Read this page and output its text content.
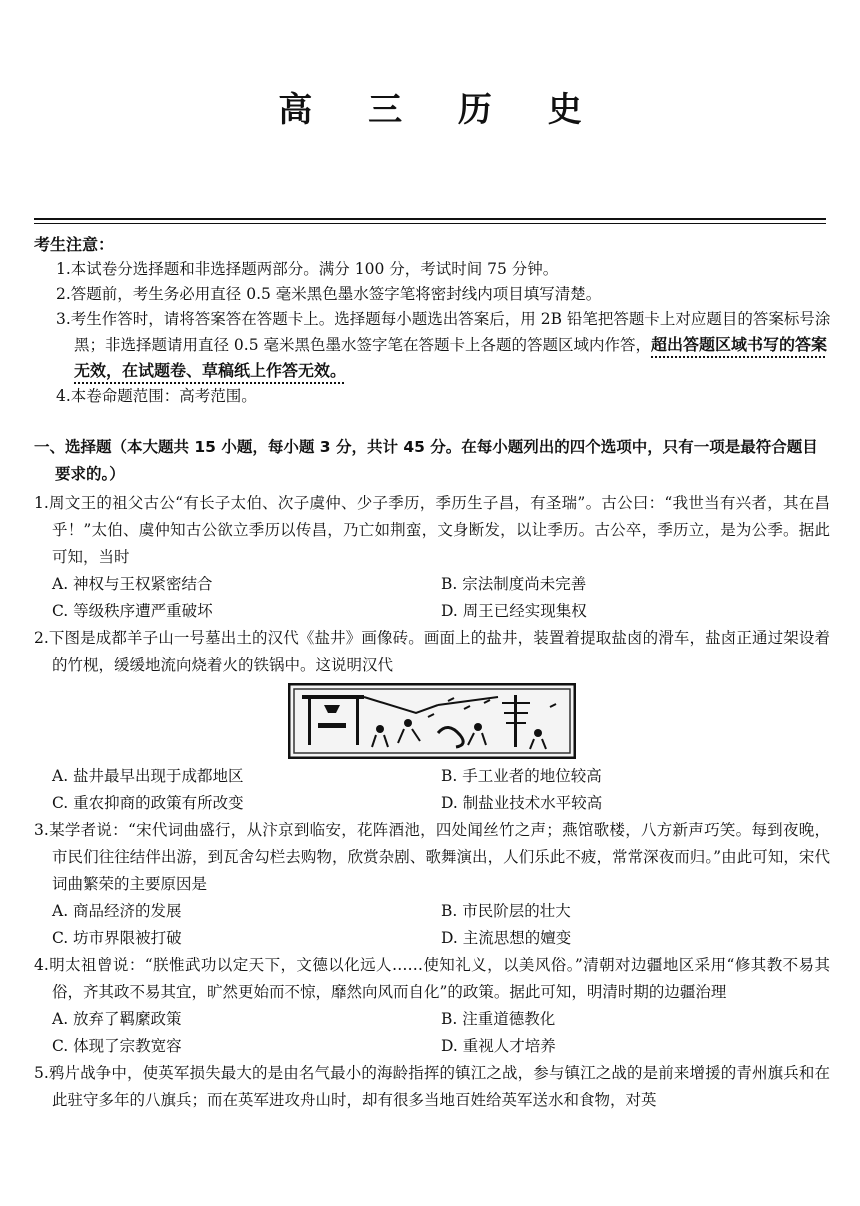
高 三 历 史
考生注意：
1.本试卷分选择题和非选择题两部分。满分 100 分，考试时间 75 分钟。
2.答题前，考生务必用直径 0.5 毫米黑色墨水签字笔将密封线内项目填写清楚。
3.考生作答时，请将答案答在答题卡上。选择题每小题选出答案后，用 2B 铅笔把答题卡上对应题目的答案标号涂黑；非选择题请用直径 0.5 毫米黑色墨水签字笔在答题卡上各题的答题区域内作答，超出答题区域书写的答案无效，在试题卷、草稿纸上作答无效。
4.本卷命题范围：高考范围。
一、选择题（本大题共 15 小题，每小题 3 分，共计 45 分。在每小题列出的四个选项中，只有一项是最符合题目要求的。）
1.周文王的祖父古公“有长子太伯、次子虞仲、少子季历，季历生子昌，有圣瑞”。古公曰：“我世当有兴者，其在昌乎！”太伯、虞仲知古公欲立季历以传昌，乃亡如荆蛮，文身断发，以让季历。古公卒，季历立，是为公季。据此可知，当时
A. 神权与王权紧密结合	B. 宗法制度尚未完善
C. 等级秩序遭严重破坏	D. 周王已经实现集权
2.下图是成都羊子山一号墓出土的汉代《盐井》画像砖。画面上的盐井，装置着提取盐卤的滑车，盐卤正通过架设着的竹枧，缓缓地流向烧着火的铁锅中。这说明汉代
A. 盐井最早出现于成都地区	B. 手工业者的地位较高
C. 重农抑商的政策有所改变	D. 制盐业技术水平较高
3.某学者说：“宋代词曲盛行，从汴京到临安，花阵酒池，四处闻丝竹之声；燕馆歌楼，八方新声巧笑。每到夜晚，市民们往往结伴出游，到瓦舍勾栏去购物，欣赏杂剧、歌舞演出，人们乐此不疲，常常深夜而归。”由此可知，宋代词曲繁荣的主要原因是
A. 商品经济的发展	B. 市民阶层的壮大
C. 坊市界限被打破	D. 主流思想的嬗变
4.明太祖曾说：“朕惟武功以定天下，文德以化远人……使知礼义，以美风俗。”清朝对边疆地区采用“修其教不易其俗，齐其政不易其宜，旷然更始而不惊，靡然向风而自化”的政策。据此可知，明清时期的边疆治理
A. 放弃了羁縻政策	B. 注重道德教化
C. 体现了宗教宽容	D. 重视人才培养
5.鸦片战争中，使英军损失最大的是由名气最小的海龄指挥的镇江之战，参与镇江之战的是前来增援的青州旗兵和在此驻守多年的八旗兵；而在英军进攻舟山时，却有很多当地百姓给英军送水和食物，对英
